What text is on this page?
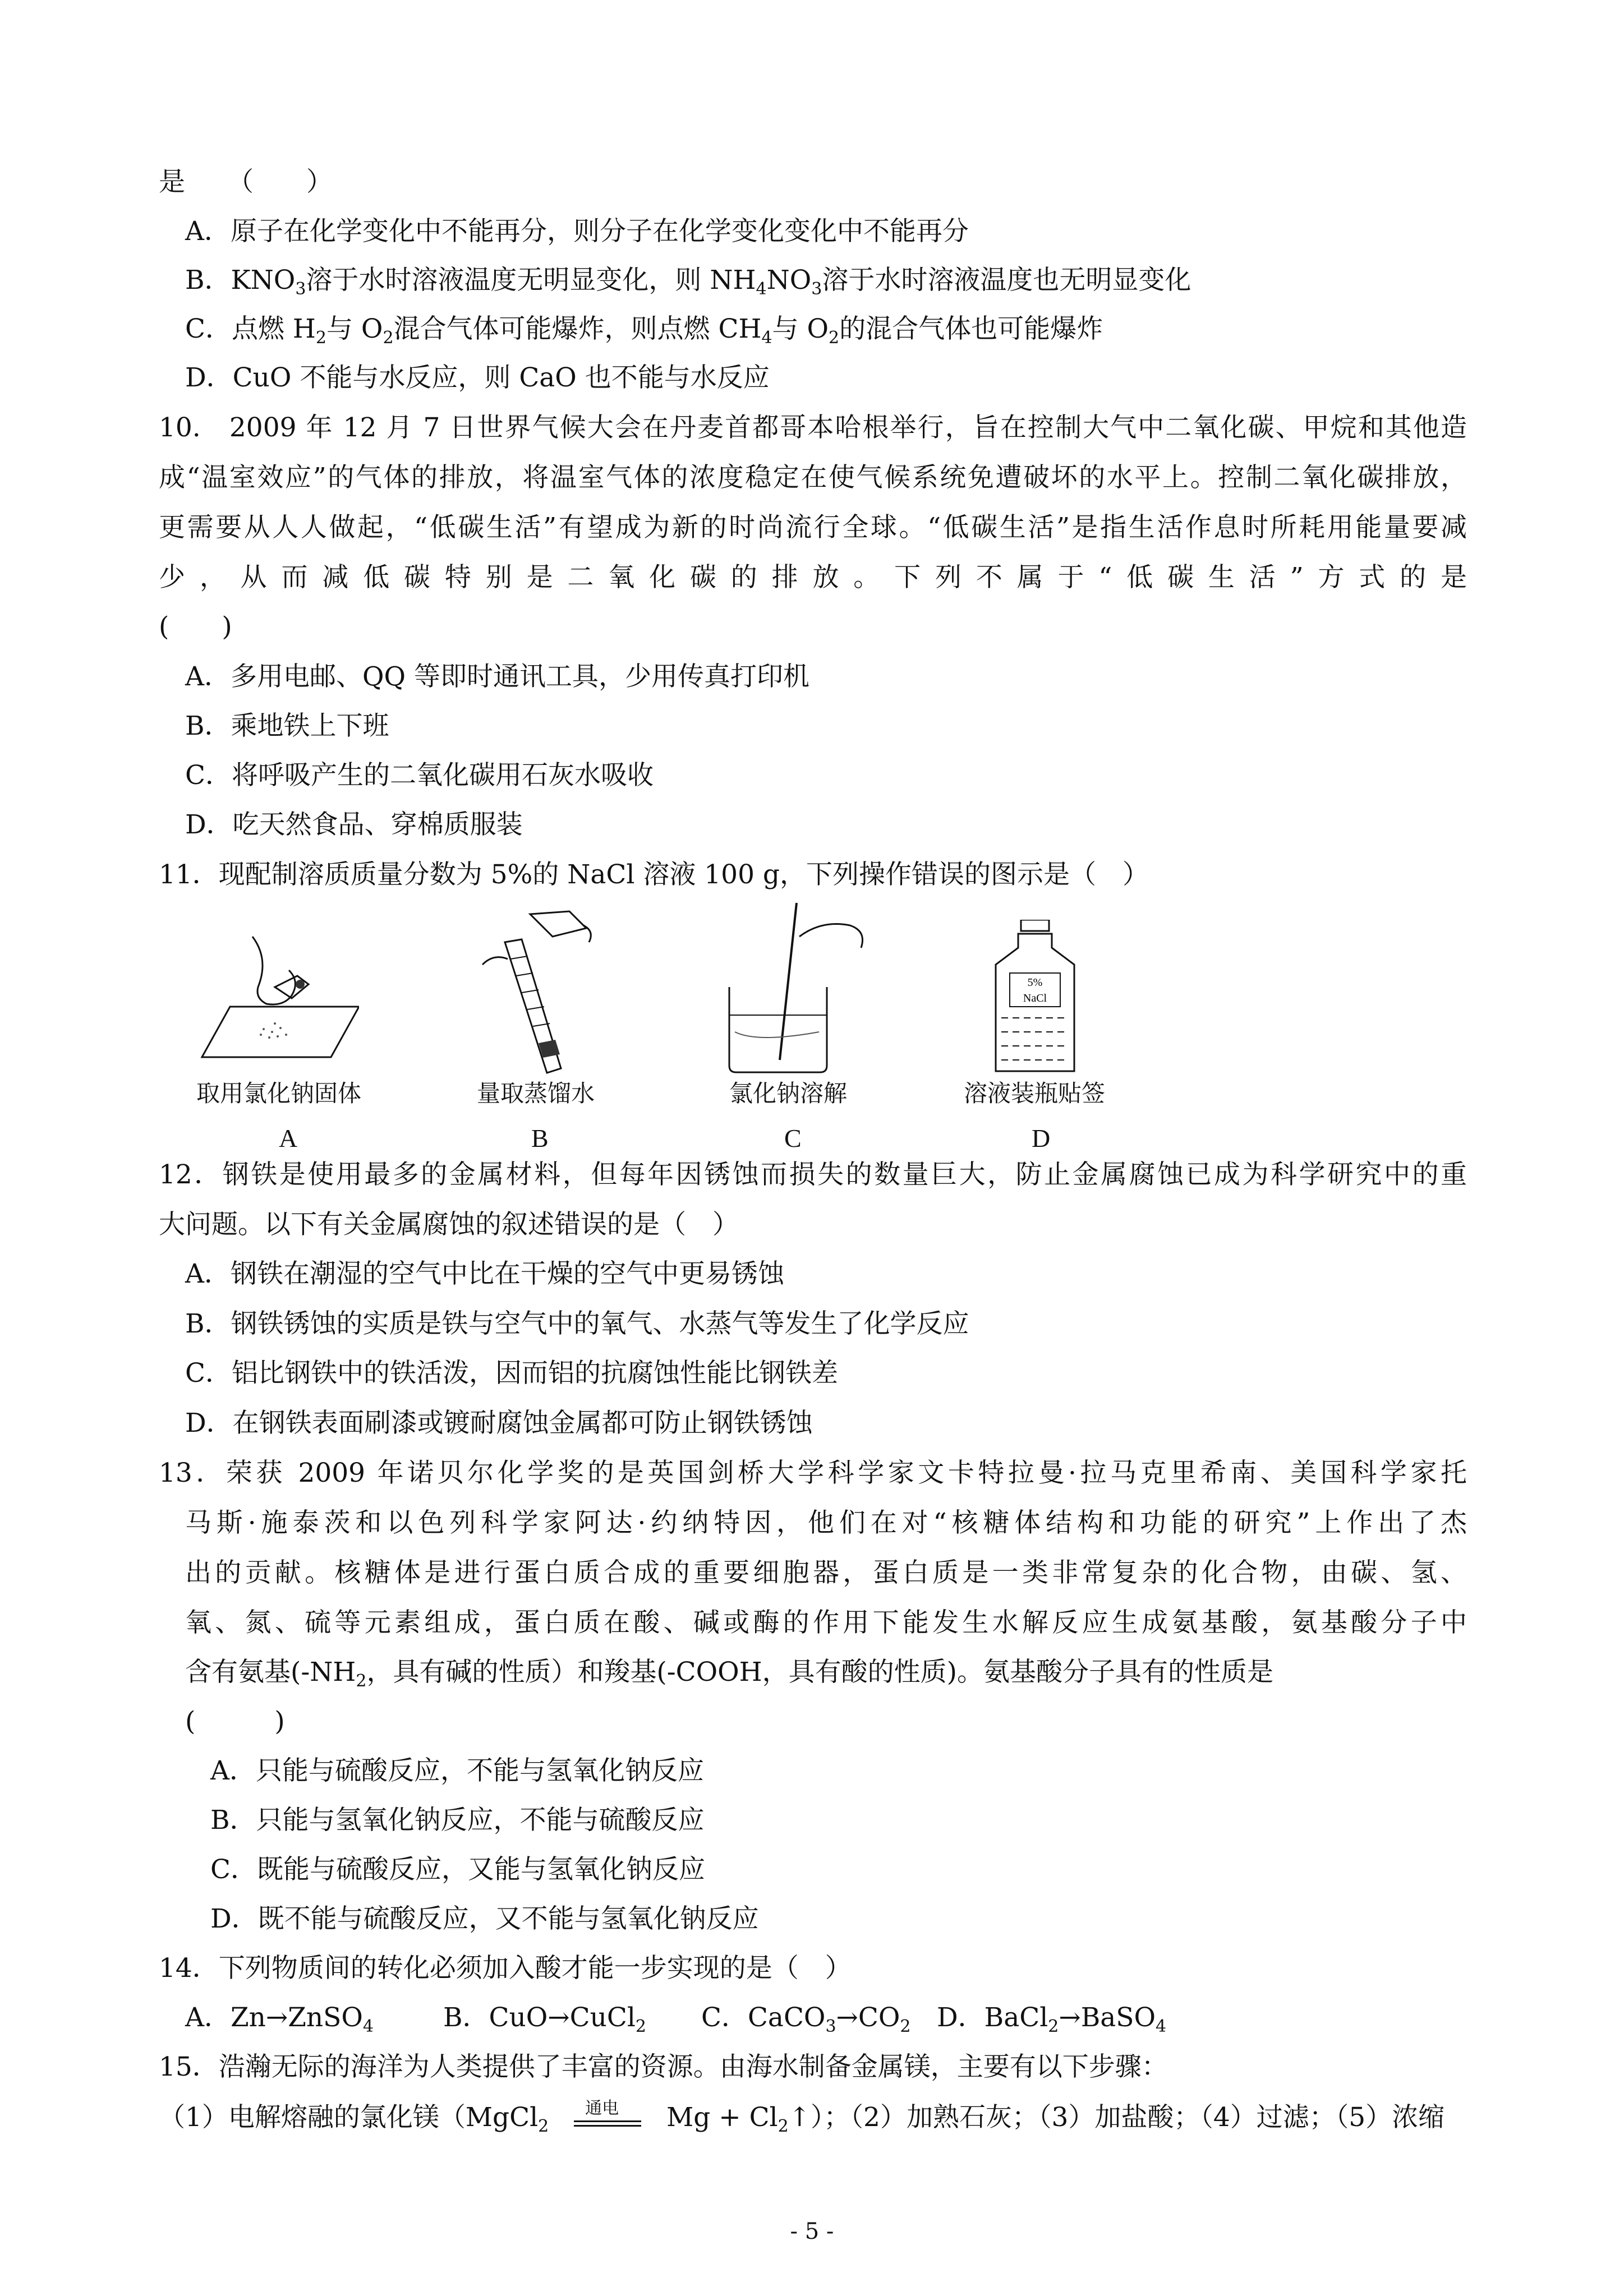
是 （　　）
A．原子在化学变化中不能再分，则分子在化学变化变化中不能再分
B．$KNO_3$溶于水时溶液温度无明显变化，则 $NH_4NO_3$溶于水时溶液温度也无明显变化
C．点燃 $H_2$与 $O_2$混合气体可能爆炸，则点燃 $CH_4$与 $O_2$的混合气体也可能爆炸
D．CuO 不能与水反应，则 CaO 也不能与水反应
10.　2009 年 12 月 7 日世界气候大会在丹麦首都哥本哈根举行，旨在控制大气中二氧化碳、甲烷和其他造
成“温室效应”的气体的排放，将温室气体的浓度稳定在使气候系统免遭破坏的水平上。控制二氧化碳排放，
更需要从人人做起，“低碳生活”有望成为新的时尚流行全球。“低碳生活”是指生活作息时所耗用能量要减
少，从而减低碳特别是二氧化碳的排放。下列不属于“低碳生活”方式的是
(　　)
A．多用电邮、QQ 等即时通讯工具，少用传真打印机
B．乘地铁上下班
C．将呼吸产生的二氧化碳用石灰水吸收
D．吃天然食品、穿棉质服装
11．现配制溶质质量分数为 5%的 NaCl 溶液 100 g，下列操作错误的图示是（　）
5%
NaCl
取用氯化钠固体	量取蒸馏水	氯化钠溶解	溶液装瓶贴签
A	B	C	D
12．钢铁是使用最多的金属材料，但每年因锈蚀而损失的数量巨大，防止金属腐蚀已成为科学研究中的重
大问题。以下有关金属腐蚀的叙述错误的是（　）
A．钢铁在潮湿的空气中比在干燥的空气中更易锈蚀
B．钢铁锈蚀的实质是铁与空气中的氧气、水蒸气等发生了化学反应
C．铝比钢铁中的铁活泼，因而铝的抗腐蚀性能比钢铁差
D．在钢铁表面刷漆或镀耐腐蚀金属都可防止钢铁锈蚀
13．荣获 2009 年诺贝尔化学奖的是英国剑桥大学科学家文卡特拉曼·拉马克里希南、美国科学家托
马斯·施泰茨和以色列科学家阿达·约纳特因，他们在对“核糖体结构和功能的研究”上作出了杰
出的贡献。核糖体是进行蛋白质合成的重要细胞器，蛋白质是一类非常复杂的化合物，由碳、氢、
氧、氮、硫等元素组成，蛋白质在酸、碱或酶的作用下能发生水解反应生成氨基酸，氨基酸分子中
含有氨基($-NH_2$，具有碱的性质）和羧基(-COOH，具有酸的性质)。氨基酸分子具有的性质是
(　　　)
A．只能与硫酸反应，不能与氢氧化钠反应
B．只能与氢氧化钠反应，不能与硫酸反应
C．既能与硫酸反应，又能与氢氧化钠反应
D．既不能与硫酸反应，又不能与氢氧化钠反应
14．下列物质间的转化必须加入酸才能一步实现的是（　）
A．Zn→ZnSO$_4$	B．CuO→CuCl$_2$ C．$CaCO_3\to CO_2$ D．BaCl$_2$→BaSO$_4$
15．浩瀚无际的海洋为人类提供了丰富的资源。由海水制备金属镁，主要有以下步骤：
（1）电解熔融的氯化镁（MgCl$_2$
通电 $Mg + Cl_2↑$）；（2）加熟石灰；（3）加盐酸；（4）过滤；（5）浓缩
- 5 -
